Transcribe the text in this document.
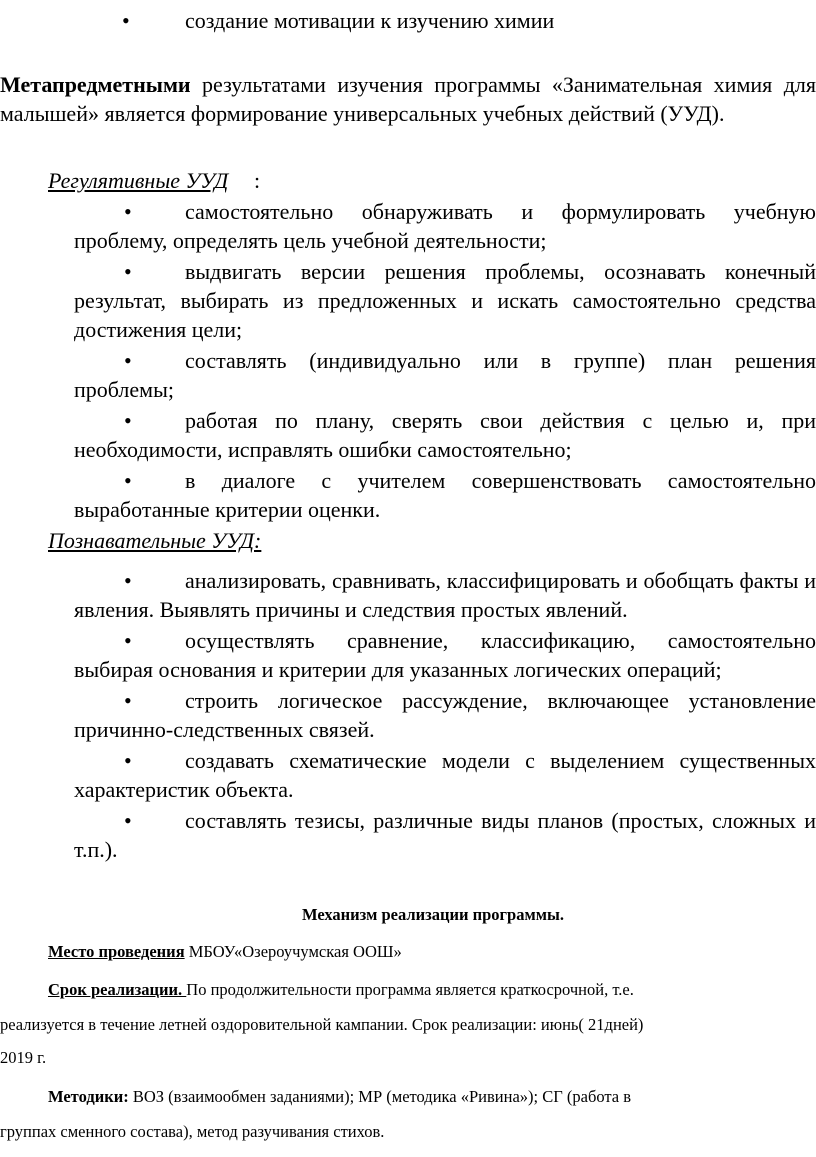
•	создание мотивации к изучению химии
Метапредметными результатами изучения программы «Занимательная химия для малышей» является формирование универсальных учебных действий (УУД).
Регулятивные УУД :

• самостоятельно обнаруживать и формулировать учебную проблему, определять цель учебной деятельности;

• выдвигать версии решения проблемы, осознавать конечный результат, выбирать из предложенных и искать самостоятельно средства достижения цели;

• составлять (индивидуально или в группе) план решения проблемы;

• работая по плану, сверять свои действия с целью и, при необходимости, исправлять ошибки самостоятельно;

• в диалоге с учителем совершенствовать самостоятельно выработанные критерии оценки.

Познавательные УУД:

• анализировать, сравнивать, классифицировать и обобщать факты и явления. Выявлять причины и следствия простых явлений.

• осуществлять сравнение, классификацию, самостоятельно выбирая основания и критерии для указанных логических операций;

• строить логическое рассуждение, включающее установление причинно-следственных связей.

• создавать схематические модели с выделением существенных характеристик объекта.

• составлять тезисы, различные виды планов (простых, сложных и т.п.).

Механизм реализации программы.
Место проведения МБОУ«Озероучумская ООШ»
Срок реализации. По продолжительности программа является краткосрочной, т.е.
реализуется в течение летней оздоровительной кампании. Срок реализации: июнь( 21дней)
2019 г.
Методики: ВОЗ (взаимообмен заданиями); МР (методика «Ривина»); СГ (работа в
группах сменного состава), метод разучивания стихов.
